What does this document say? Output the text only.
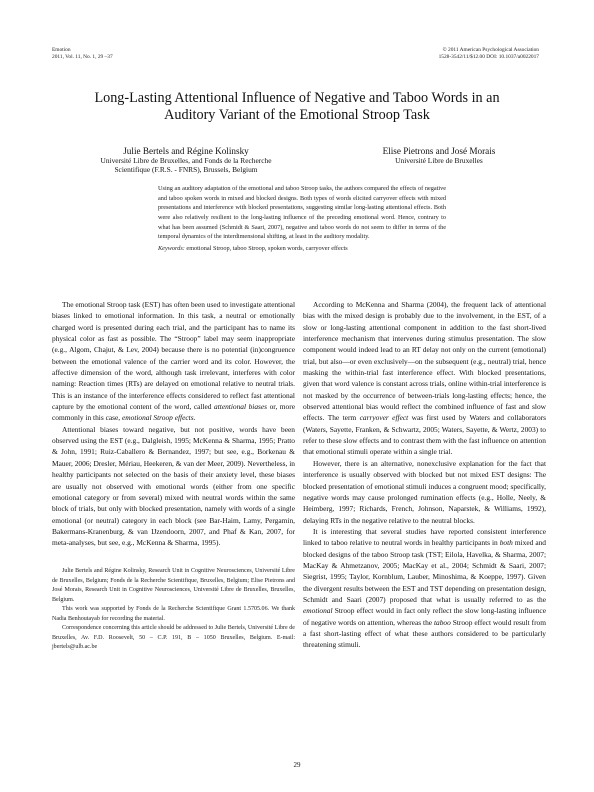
Emotion
2011, Vol. 11, No. 1, 29 –37
© 2011 American Psychological Association
1528-3542/11/$12.00 DOI: 10.1037/a0022017
Long-Lasting Attentional Influence of Negative and Taboo Words in an
Auditory Variant of the Emotional Stroop Task
Julie Bertels and Régine Kolinsky
Université Libre de Bruxelles, and Fonds de la Recherche
Scientifique (F.R.S. - FNRS), Brussels, Belgium
Elise Pietrons and José Morais
Université Libre de Bruxelles

Using an auditory adaptation of the emotional and taboo Stroop tasks, the authors compared the effects of negative and taboo spoken words in mixed and blocked designs. Both types of words elicited carryover effects with mixed presentations and interference with blocked presentations, suggesting similar long-lasting attentional effects. Both were also relatively resilient to the long-lasting influence of the preceding emotional word. Hence, contrary to what has been assumed (Schmidt & Saari, 2007), negative and taboo words do not seem to differ in terms of the temporal dynamics of the interdimensional shifting, at least in the auditory modality.

Keywords: emotional Stroop, taboo Stroop, spoken words, carryover effects

The emotional Stroop task (EST) has often been used to investigate attentional biases linked to emotional information. In this task, a neutral or emotionally charged word is presented during each trial, and the participant has to name its physical color as fast as possible. The “Stroop” label may seem inappropriate (e.g., Algom, Chajut, & Lev, 2004) because there is no potential (in)congruence between the emotional valence of the carrier word and its color. However, the affective dimension of the word, although task irrelevant, interferes with color naming: Reaction times (RTs) are delayed on emotional relative to neutral trials. This is an instance of the interference effects considered to reflect fast attentional capture by the emotional content of the word, called attentional biases or, more commonly in this case, emotional Stroop effects.

Attentional biases toward negative, but not positive, words have been observed using the EST (e.g., Dalgleish, 1995; McKenna & Sharma, 1995; Pratto & John, 1991; Ruiz-Caballero & Bernandez, 1997; but see, e.g., Borkenau & Mauer, 2006; Dresler, Mériau, Heekeren, & van der Meer, 2009). Nevertheless, in healthy participants not selected on the basis of their anxiety level, these biases are usually not observed with emotional words (either from one specific emotional category or from several) mixed with neutral words within the same block of trials, but only with blocked presentation, namely with words of a single emotional (or neutral) category in each block (see Bar-Haim, Lamy, Pergamin, Bakermans-Kranenburg, & van IJzendoorn, 2007, and Phaf & Kan, 2007, for meta-analyses, but see, e.g., McKenna & Sharma, 1995).

Julie Bertels and Régine Kolinsky, Research Unit in Cognitive Neurosciences, Université Libre de Bruxelles, Belgium; Fonds de la Recherche Scientifique, Bruxelles, Belgium; Elise Pietrons and José Morais, Research Unit in Cognitive Neurosciences, Université Libre de Bruxelles, Bruxelles, Belgium.

This work was supported by Fonds de la Recherche Scientifique Grant 1.5705.06. We thank Nadia Benhoutayab for recording the material.

Correspondence concerning this article should be addressed to Julie Bertels, Université Libre de Bruxelles, Av. F.D. Roosevelt, 50 – C.P. 191, B – 1050 Bruxelles, Belgium. E-mail: jbertels@ulb.ac.be

According to McKenna and Sharma (2004), the frequent lack of attentional bias with the mixed design is probably due to the involvement, in the EST, of a slow or long-lasting attentional component in addition to the fast short-lived interference mechanism that intervenes during stimulus presentation. The slow component would indeed lead to an RT delay not only on the current (emotional) trial, but also—or even exclusively—on the subsequent (e.g., neutral) trial, hence masking the within-trial fast interference effect. With blocked presentations, given that word valence is constant across trials, online within-trial interference is not masked by the occurrence of between-trials long-lasting effects; hence, the observed attentional bias would reflect the combined influence of fast and slow effects. The term carryover effect was first used by Waters and collaborators (Waters, Sayette, Franken, & Schwartz, 2005; Waters, Sayette, & Wertz, 2003) to refer to these slow effects and to contrast them with the fast influence on attention that emotional stimuli operate within a single trial.

However, there is an alternative, nonexclusive explanation for the fact that interference is usually observed with blocked but not mixed EST designs: The blocked presentation of emotional stimuli induces a congruent mood; specifically, negative words may cause prolonged rumination effects (e.g., Holle, Neely, & Heimberg, 1997; Richards, French, Johnson, Naparstek, & Williams, 1992), delaying RTs in the negative relative to the neutral blocks.

It is interesting that several studies have reported consistent interference linked to taboo relative to neutral words in healthy participants in both mixed and blocked designs of the taboo Stroop task (TST; Eilola, Havelka, & Sharma, 2007; MacKay & Ahmetzanov, 2005; MacKay et al., 2004; Schmidt & Saari, 2007; Siegrist, 1995; Taylor, Kornblum, Lauber, Minoshima, & Koeppe, 1997). Given the divergent results between the EST and TST depending on presentation design, Schmidt and Saari (2007) proposed that what is usually referred to as the emotional Stroop effect would in fact only reflect the slow long-lasting influence of negative words on attention, whereas the taboo Stroop effect would result from a fast short-lasting effect of what these authors considered to be particularly threatening stimuli.

29
